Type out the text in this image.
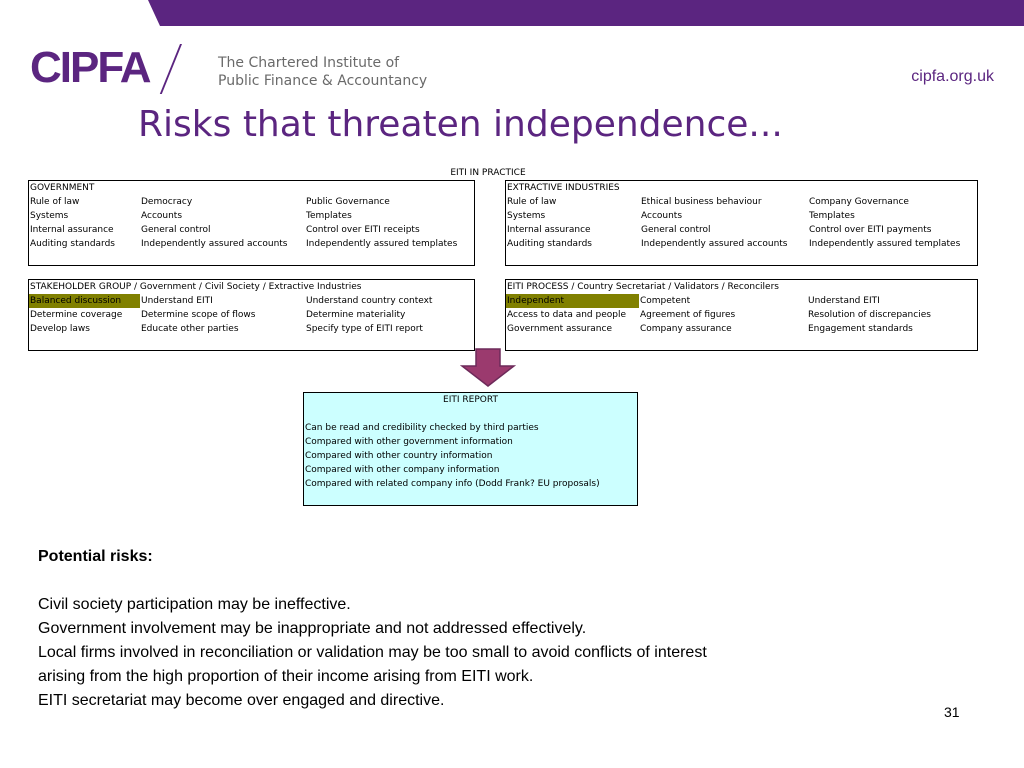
CIPFA	The Chartered Institute of
Public Finance & Accountancy	cipfa.org.uk
Risks that threaten independence...
EITI IN PRACTICE
GOVERNMENT
Rule of law	Democracy	Public Governance
Systems	Accounts	Templates
Internal assurance	General control	Control over EITI receipts
Auditing standards	Independently assured accounts	Independently assured templates
EXTRACTIVE INDUSTRIES
Rule of law	Ethical business behaviour	Company Governance
Systems	Accounts	Templates
Internal assurance	General control	Control over EITI payments
Auditing standards	Independently assured accounts	Independently assured templates
STAKEHOLDER GROUP / Government / Civil Society / Extractive Industries
Balanced discussion	Understand EITI	Understand country context
Determine coverage	Determine scope of flows	Determine materiality
Develop laws	Educate other parties	Specify type of EITI report
EITI PROCESS / Country Secretariat / Validators / Reconcilers
Independent	Competent	Understand EITI
Access to data and people	Agreement of figures	Resolution of discrepancies
Government assurance	Company assurance	Engagement standards
EITI REPORT
Can be read and credibility checked by third parties
Compared with other government information
Compared with other country information
Compared with other company information
Compared with related company info (Dodd Frank? EU proposals)
Potential risks:

Civil society participation may be ineffective.

Government involvement may be inappropriate and not addressed effectively.

Local firms involved in reconciliation or validation may be too small to avoid conflicts of interest

arising from the high proportion of their income arising from EITI work.

EITI secretariat may become over engaged and directive.

31
